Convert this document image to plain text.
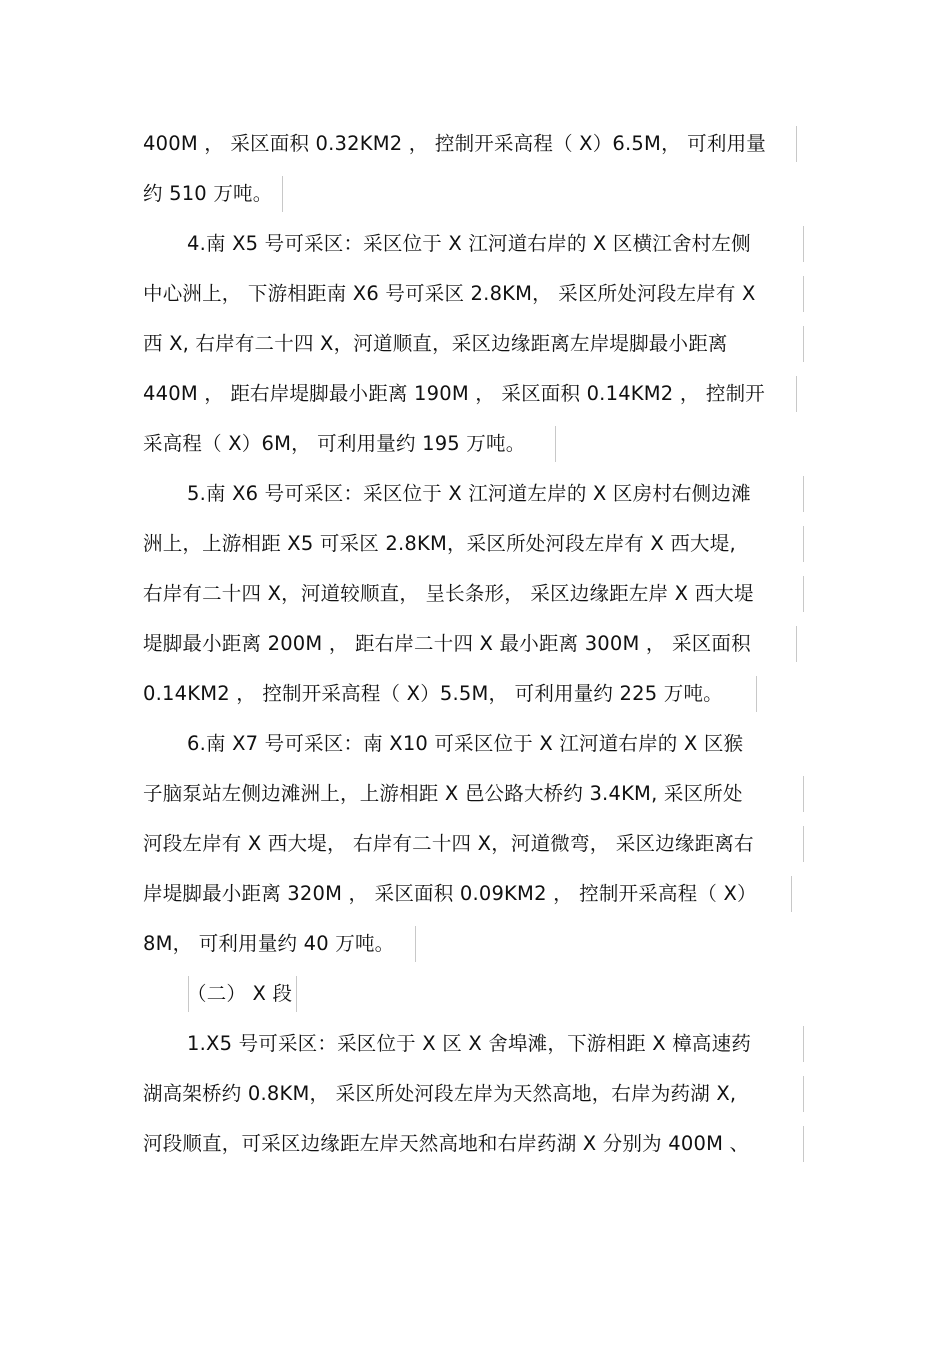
400M ， 采区面积 0.32KM2 ， 控制开采高程（ X）6.5M， 可利用量
约 510 万吨。
4.南 X5 号可采区：采区位于 X 江河道右岸的 X 区横江舍村左侧
中心洲上， 下游相距南 X6 号可采区 2.8KM， 采区所处河段左岸有 X
西 X, 右岸有二十四 X，河道顺直，采区边缘距离左岸堤脚最小距离
440M ， 距右岸堤脚最小距离 190M ， 采区面积 0.14KM2 ， 控制开
采高程（ X）6M， 可利用量约 195 万吨。
5.南 X6 号可采区：采区位于 X 江河道左岸的 X 区房村右侧边滩
洲上，上游相距 X5 可采区 2.8KM，采区所处河段左岸有 X 西大堤,
右岸有二十四 X，河道较顺直， 呈长条形， 采区边缘距左岸 X 西大堤
堤脚最小距离 200M ， 距右岸二十四 X 最小距离 300M ， 采区面积
0.14KM2 ， 控制开采高程（ X）5.5M， 可利用量约 225 万吨。
6.南 X7 号可采区：南 X10 可采区位于 X 江河道右岸的 X 区猴
子脑泵站左侧边滩洲上，上游相距 X 邑公路大桥约 3.4KM, 采区所处
河段左岸有 X 西大堤， 右岸有二十四 X，河道微弯， 采区边缘距离右
岸堤脚最小距离 320M ， 采区面积 0.09KM2 ， 控制开采高程（ X）
8M， 可利用量约 40 万吨。
（二） X 段
1.X5 号可采区：采区位于 X 区 X 舍埠滩，下游相距 X 樟高速药
湖高架桥约 0.8KM， 采区所处河段左岸为天然高地，右岸为药湖 X,
河段顺直，可采区边缘距左岸天然高地和右岸药湖 X 分别为 400M 、
